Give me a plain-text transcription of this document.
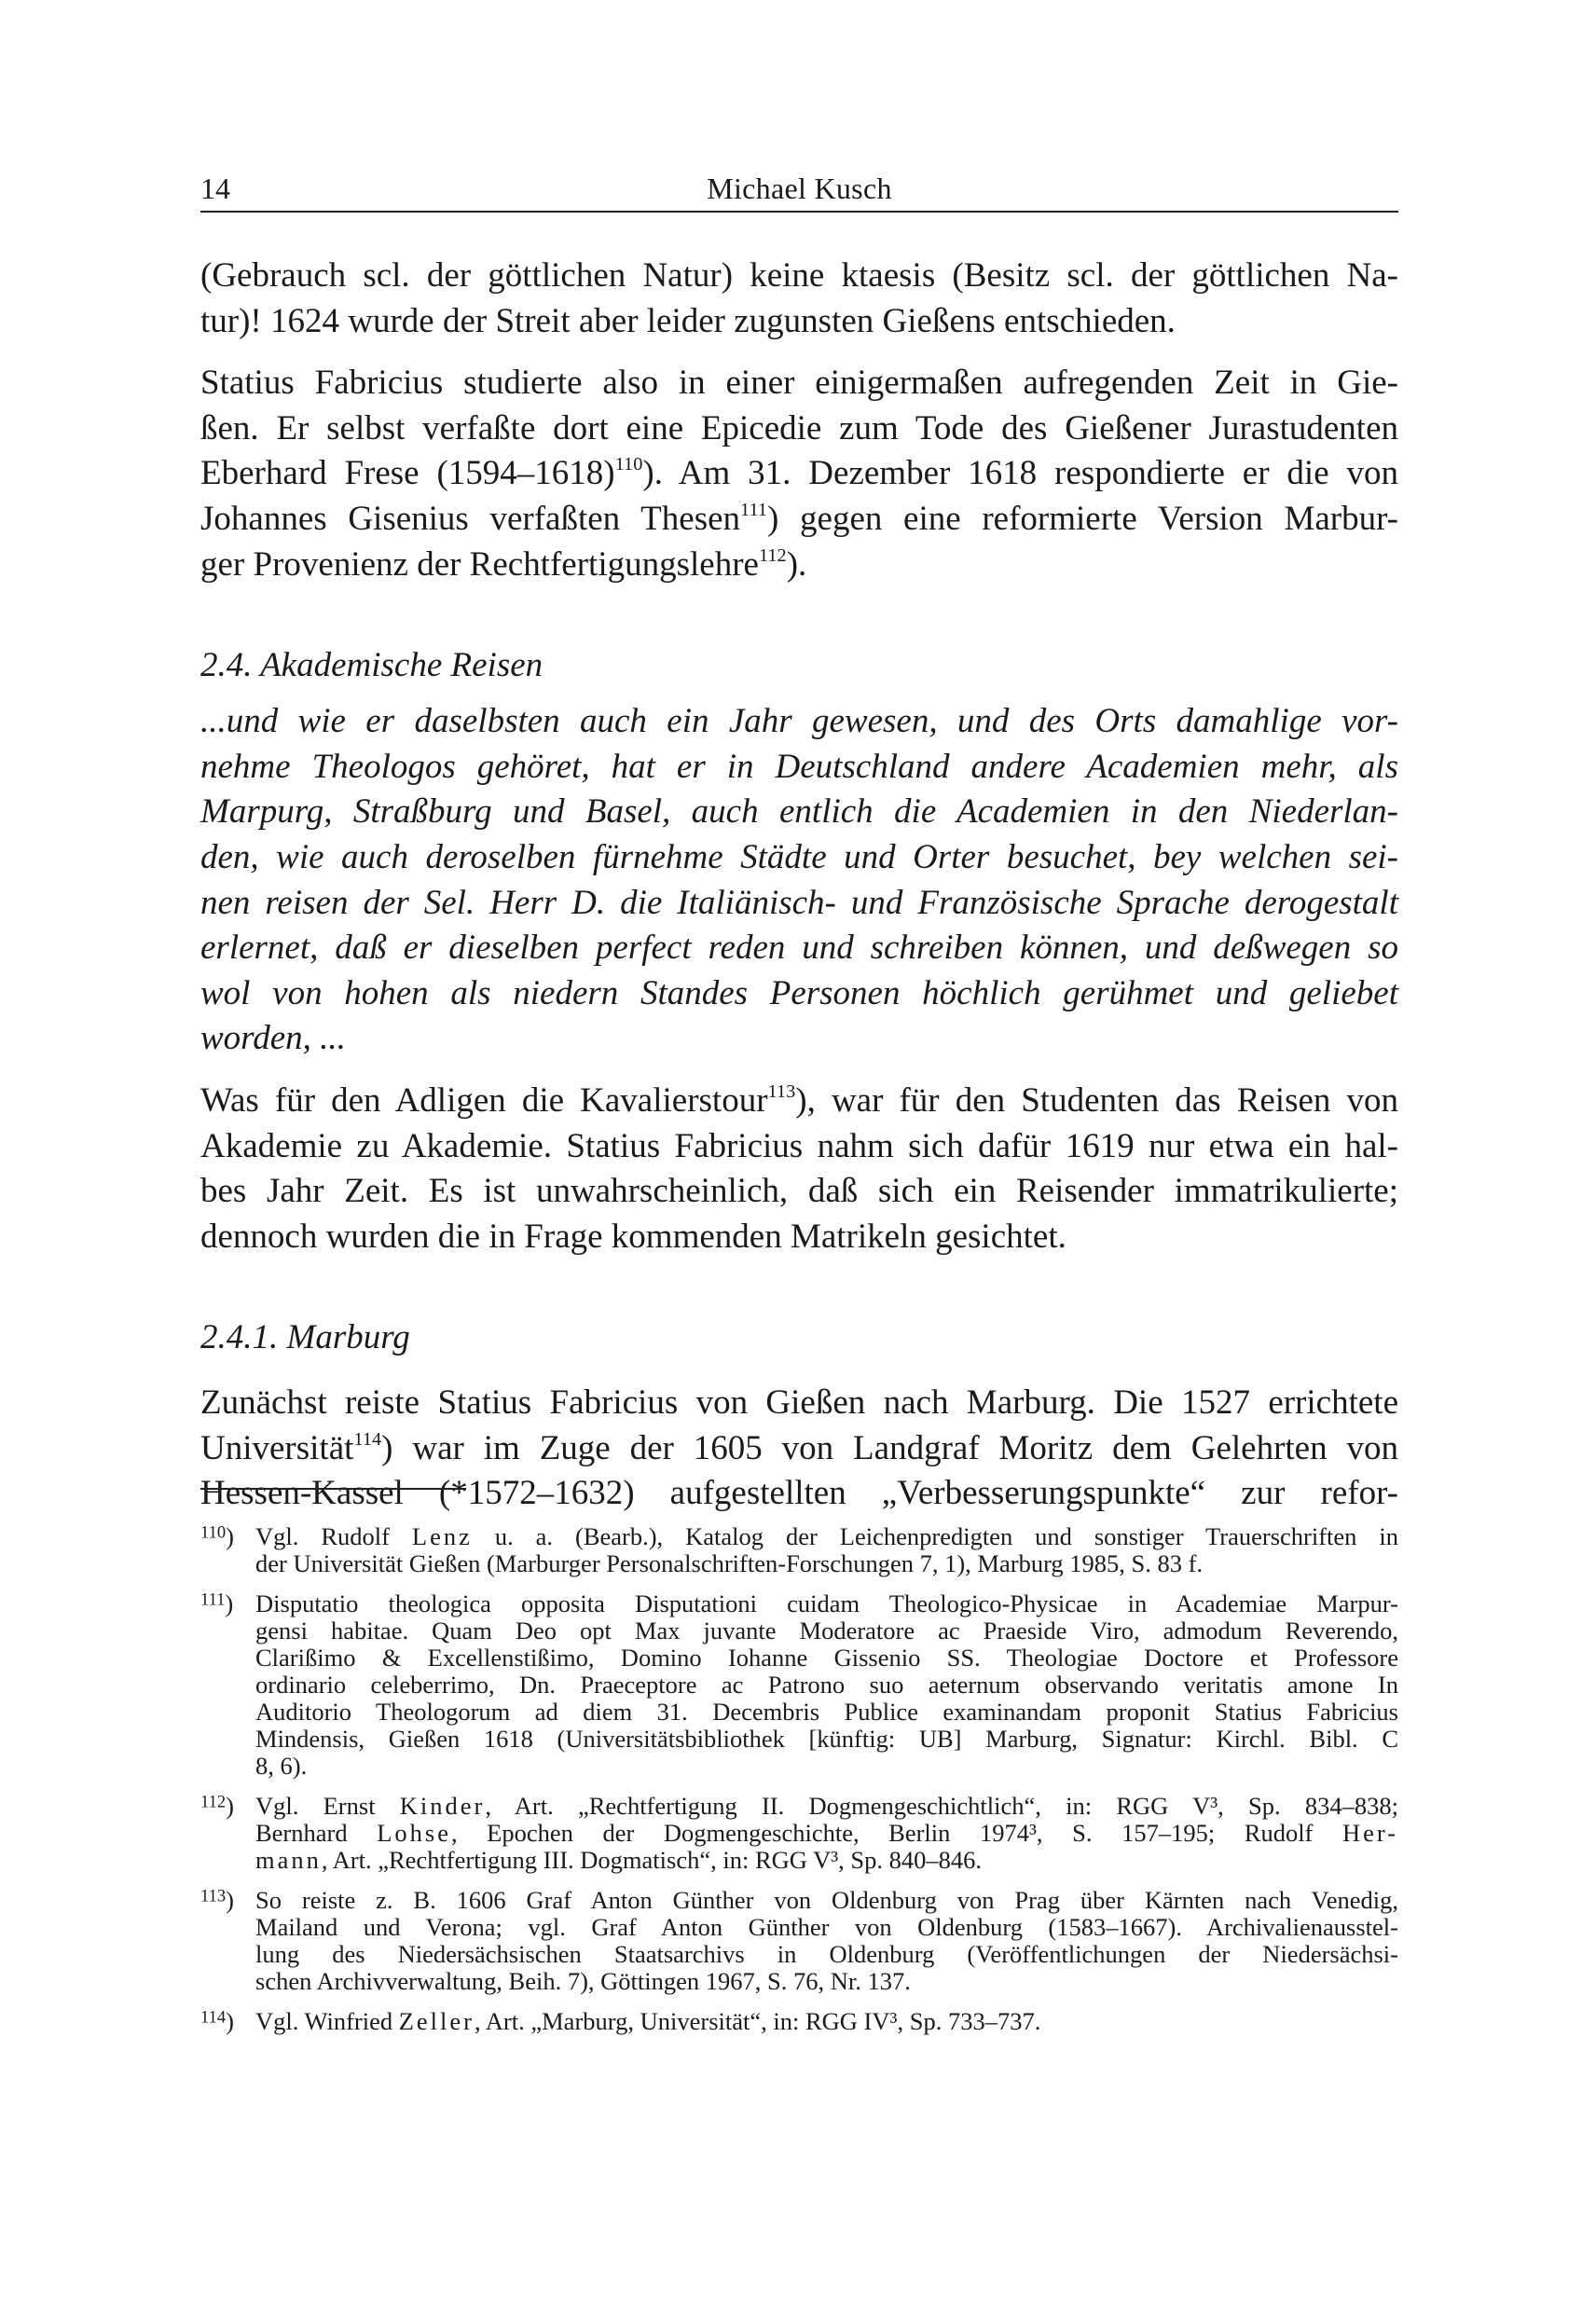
14	Michael Kusch

(Gebrauch scl. der göttlichen Natur) keine ktaesis (Besitz scl. der göttlichen Na-
tur)! 1624 wurde der Streit aber leider zugunsten Gießens entschieden.

Statius Fabricius studierte also in einer einigermaßen aufregenden Zeit in Gie-
ßen. Er selbst verfaßte dort eine Epicedie zum Tode des Gießener Jurastudenten
Eberhard Frese (1594–1618)$^{110}$). Am 31. Dezember 1618 respondierte er die von
Johannes Gisenius verfaßten Thesen$^{111}$) gegen eine reformierte Version Marbur-
ger Provenienz der Rechtfertigungslehre$^{112}$).

2.4. Akademische Reisen

...und wie er daselbsten auch ein Jahr gewesen, und des Orts damahlige vor-
nehme Theologos gehöret, hat er in Deutschland andere Academien mehr, als
Marpurg, Straßburg und Basel, auch entlich die Academien in den Niederlan-
den, wie auch deroselben fürnehme Städte und Orter besuchet, bey welchen sei-
nen reisen der Sel. Herr D. die Italiänisch- und Französische Sprache derogestalt
erlernet, daß er dieselben perfect reden und schreiben können, und deßwegen so
wol von hohen als niedern Standes Personen höchlich gerühmet und geliebet
worden, ...

Was für den Adligen die Kavalierstour$^{113}$), war für den Studenten das Reisen von
Akademie zu Akademie. Statius Fabricius nahm sich dafür 1619 nur etwa ein hal-
bes Jahr Zeit. Es ist unwahrscheinlich, daß sich ein Reisender immatrikulierte;
dennoch wurden die in Frage kommenden Matrikeln gesichtet.

2.4.1. Marburg

Zunächst reiste Statius Fabricius von Gießen nach Marburg. Die 1527 errichtete
Universität$^{114}$) war im Zuge der 1605 von Landgraf Moritz dem Gelehrten von
Hessen-Kassel (*1572–1632) aufgestellten „Verbesserungspunkte“ zur refor-

$^{110}$) Vgl. Rudolf Lenz u. a. (Bearb.), Katalog der Leichenpredigten und sonstiger Trauerschriften in
der Universität Gießen (Marburger Personalschriften-Forschungen 7, 1), Marburg 1985, S. 83 f.
$^{111}$) Disputatio theologica opposita Disputationi cuidam Theologico-Physicae in Academiae Marpur-
gensi habitae. Quam Deo opt Max juvante Moderatore ac Praeside Viro, admodum Reverendo,
Clarißimo & Excellenstißimo, Domino Iohanne Gissenio SS. Theologiae Doctore et Professore
ordinario celeberrimo, Dn. Praeceptore ac Patrono suo aeternum observando veritatis amone In
Auditorio Theologorum ad diem 31. Decembris Publice examinandam proponit Statius Fabricius
Mindensis, Gießen 1618 (Universitätsbibliothek [künftig: UB] Marburg, Signatur: Kirchl. Bibl. C
8, 6).
$^{112}$) Vgl. Ernst Kinder, Art. „Rechtfertigung II. Dogmengeschichtlich“, in: RGG V³, Sp. 834–838;
Bernhard Lohse, Epochen der Dogmengeschichte, Berlin 1974³, S. 157–195; Rudolf Her-
mann, Art. „Rechtfertigung III. Dogmatisch“, in: RGG V³, Sp. 840–846.
$^{113}$) So reiste z. B. 1606 Graf Anton Günther von Oldenburg von Prag über Kärnten nach Venedig,
Mailand und Verona; vgl. Graf Anton Günther von Oldenburg (1583–1667). Archivalienausstel-
lung des Niedersächsischen Staatsarchivs in Oldenburg (Veröffentlichungen der Niedersächsi-
schen Archivverwaltung, Beih. 7), Göttingen 1967, S. 76, Nr. 137.
$^{114}$) Vgl. Winfried Zeller, Art. „Marburg, Universität“, in: RGG IV³, Sp. 733–737.
